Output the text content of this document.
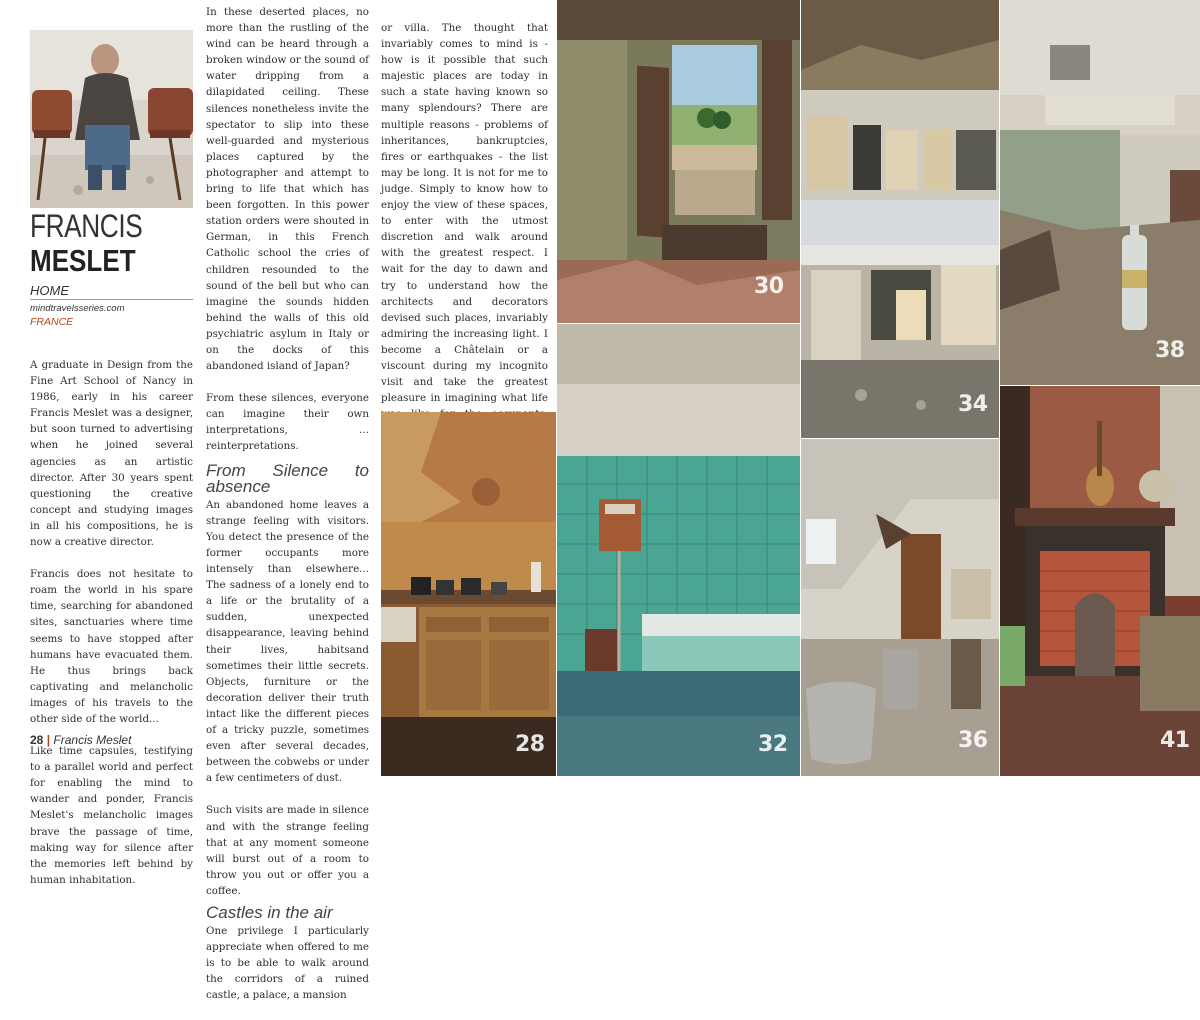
FRANCIS
MESLET
HOME
mindtravelsseries.com
FRANCE

A graduate in Design from the Fine Art School of Nancy in 1986, early in his career Francis Meslet was a designer, but soon turned to advertising when he joined several agencies as an artistic director. After 30 years spent questioning the creative concept and studying images in all his compositions, he is now a creative director.

Francis does not hesitate to roam the world in his spare time, searching for abandoned sites, sanctuaries where time seems to have stopped after humans have evacuated them. He thus brings back captivating and melancholic images of his travels to the other side of the world...

Like time capsules, testifying to a parallel world and perfect for enabling the mind to wander and ponder, Francis Meslet's melancholic images brave the passage of time, making way for silence after the memories left behind by human inhabitation.

28 | Francis Meslet

In these deserted places, no more than the rustling of the wind can be heard through a broken window or the sound of water dripping from a dilapidated ceiling. These silences nonetheless invite the spectator to slip into these well-guarded and mysterious places captured by the photographer and attempt to bring to life that which has been forgotten. In this power station orders were shouted in German, in this French Catholic school the cries of children resounded to the sound of the bell but who can imagine the sounds hidden behind the walls of this old psychiatric asylum in Italy or on the docks of this abandoned island of Japan?

From these silences, everyone can imagine their own interpretations, ... reinterpretations.

From Silence to absence

An abandoned home leaves a strange feeling with visitors. You detect the presence of the former occupants more intensely than elsewhere... The sadness of a lonely end to a life or the brutality of a sudden, unexpected disappearance, leaving behind their lives, habitsand sometimes their little secrets. Objects, furniture or the decoration deliver their truth intact like the different pieces of a tricky puzzle, sometimes even after several decades, between the cobwebs or under a few centimeters of dust.

Such visits are made in silence and with the strange feeling that at any moment someone will burst out of a room to throw you out or offer you a coffee.

Castles in the air

One privilege I particularly appreciate when offered to me is to be able to walk around the corridors of a ruined castle, a palace, a mansion

or villa. The thought that invariably comes to mind is - how is it possible that such majestic places are today in such a state having known so many splendours? There are multiple reasons - problems of inheritances, bankruptcies, fires or earthquakes - the list may be long. It is not for me to judge. Simply to know how to enjoy the view of these spaces, to enter with the utmost discretion and walk around with the greatest respect. I wait for the day to dawn and try to understand how the architects and decorators devised such places, invariably admiring the increasing light. I become a Châtelain or a viscount during my incognito visit and take the greatest pleasure in imagining what life

28
30
32
34
36
38
41
